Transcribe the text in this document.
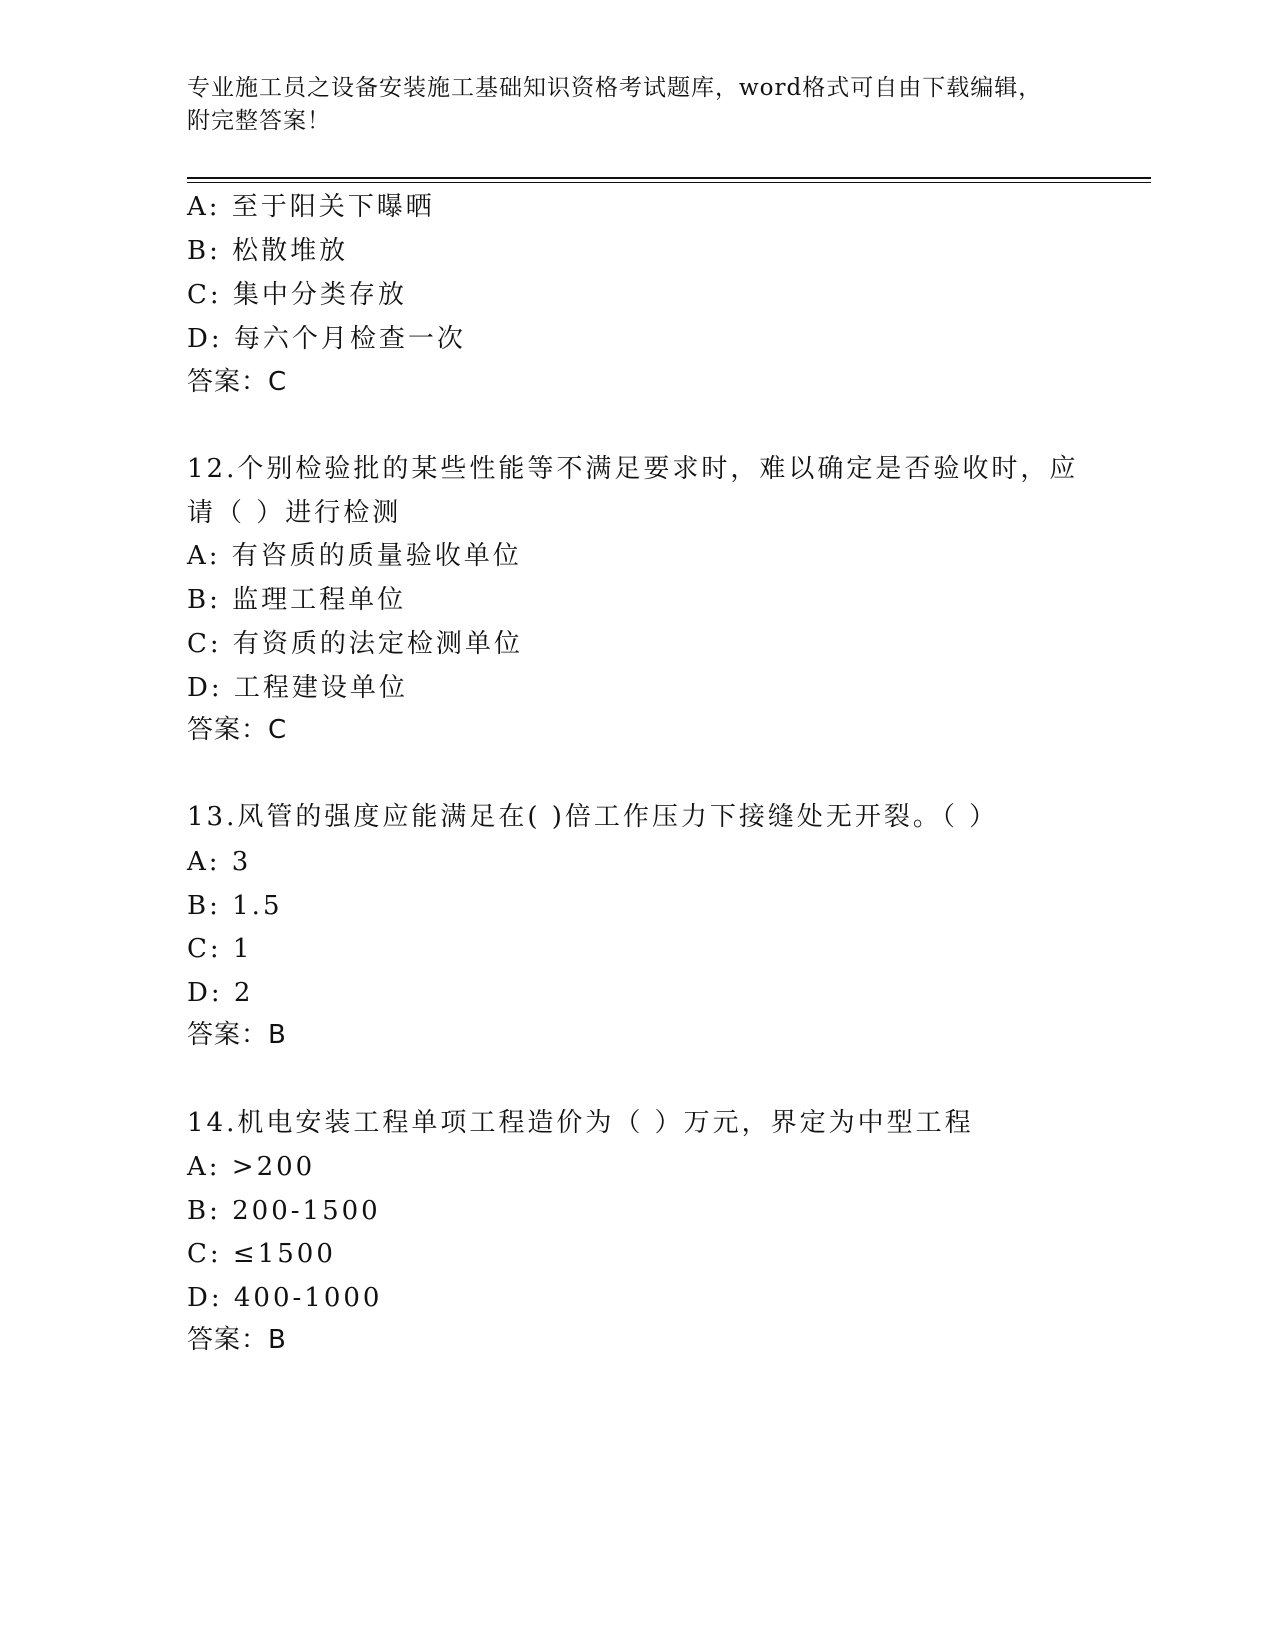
专业施工员之设备安装施工基础知识资格考试题库，word格式可自由下载编辑，
附完整答案！
A: 至于阳关下曝晒
B: 松散堆放
C: 集中分类存放
D: 每六个月检查一次
答案：C
12.个别检验批的某些性能等不满足要求时，难以确定是否验收时，应
请（ ）进行检测
A: 有咨质的质量验收单位
B: 监理工程单位
C: 有资质的法定检测单位
D: 工程建设单位
答案：C
13.风管的强度应能满足在( )倍工作压力下接缝处无开裂。（ ）
A: 3
B: 1.5
C: 1
D: 2
答案：B
14.机电安装工程单项工程造价为（ ）万元，界定为中型工程
A: >200
B: 200-1500
C: ≤1500
D: 400-1000
答案：B
